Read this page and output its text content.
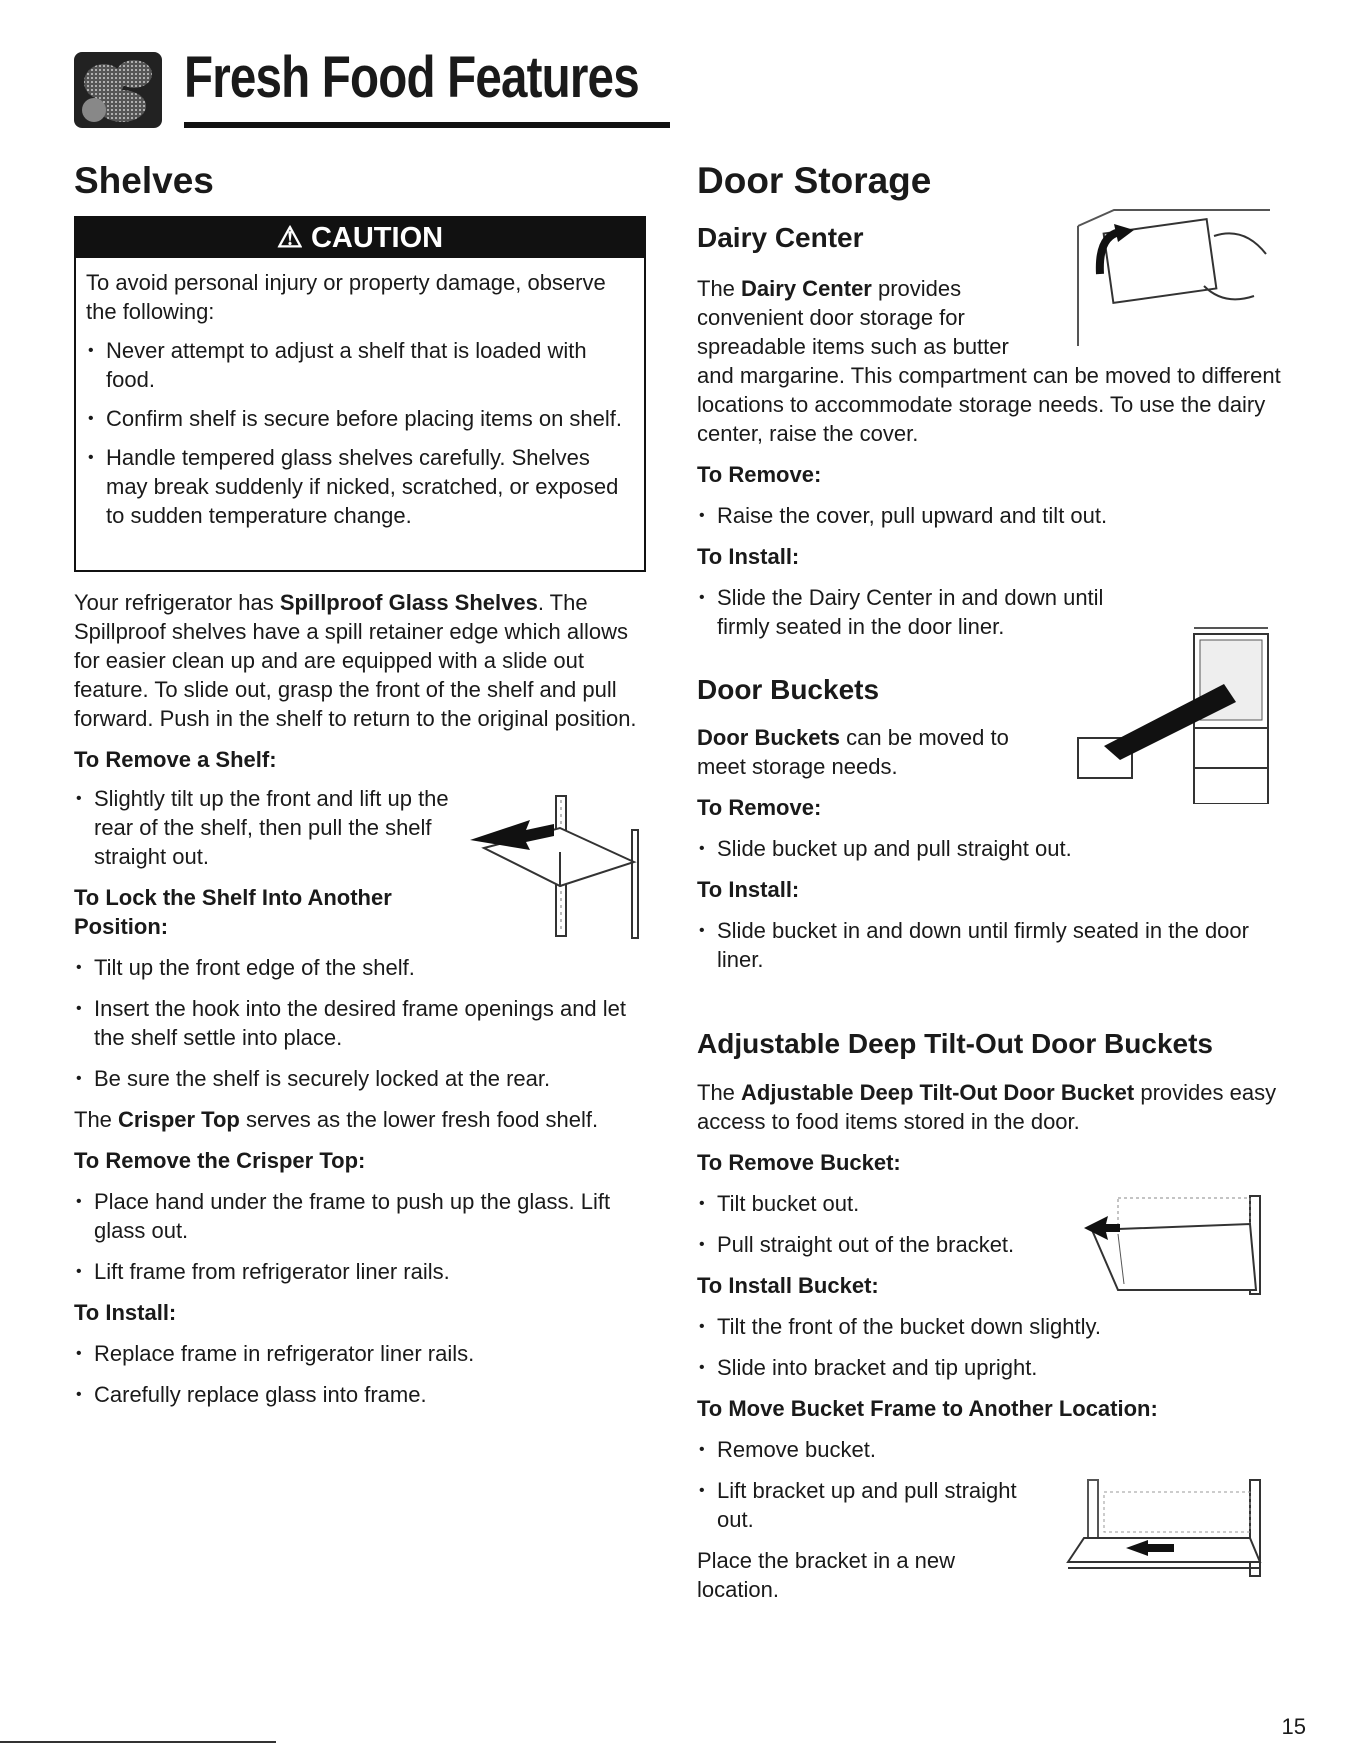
Fresh Food Features
Shelves
⚠ CAUTION

To avoid personal injury or property damage, observe the following:

• Never attempt to adjust a shelf that is loaded with food.

• Confirm shelf is secure before placing items on shelf.

• Handle tempered glass shelves carefully. Shelves may break suddenly if nicked, scratched, or exposed to sudden temperature change.

Your refrigerator has Spillproof Glass Shelves. The Spillproof shelves have a spill retainer edge which allows for easier clean up and are equipped with a slide out feature. To slide out, grasp the front of the shelf and pull forward. Push in the shelf to return to the original position.

To Remove a Shelf:

• Slightly tilt up the front and lift up the rear of the shelf, then pull the shelf straight out.

To Lock the Shelf Into Another Position:

• Tilt up the front edge of the shelf.

• Insert the hook into the desired frame openings and let the shelf settle into place.

• Be sure the shelf is securely locked at the rear.

The Crisper Top serves as the lower fresh food shelf.

To Remove the Crisper Top:

• Place hand under the frame to push up the glass. Lift glass out.

• Lift frame from refrigerator liner rails.

To Install:

• Replace frame in refrigerator liner rails.

• Carefully replace glass into frame.

Door Storage
Dairy Center

The Dairy Center provides convenient door storage for spreadable items such as butter

and margarine. This compartment can be moved to different locations to accommodate storage needs. To use the dairy center, raise the cover.

To Remove:

• Raise the cover, pull upward and tilt out.

To Install:

• Slide the Dairy Center in and down until firmly seated in the door liner.

Door Buckets

Door Buckets can be moved to meet storage needs.

To Remove:

• Slide bucket up and pull straight out.

To Install:

• Slide bucket in and down until firmly seated in the door liner.

Adjustable Deep Tilt-Out Door Buckets

The Adjustable Deep Tilt-Out Door Bucket provides easy access to food items stored in the door.

To Remove Bucket:

• Tilt bucket out.

• Pull straight out of the bracket.

To Install Bucket:

• Tilt the front of the bucket down slightly.

• Slide into bracket and tip upright.

To Move Bucket Frame to Another Location:

• Remove bucket.

• Lift bracket up and pull straight out.

Place the bracket in a new location.

15
